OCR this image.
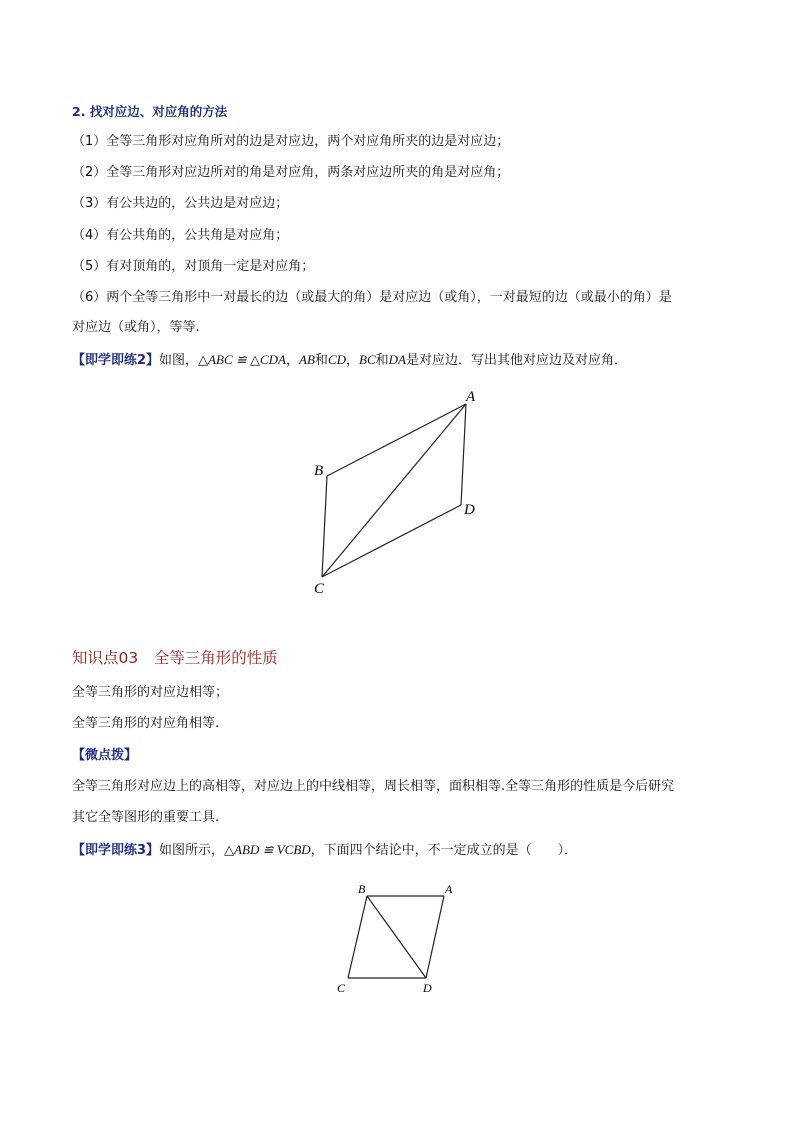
2. 找对应边、对应角的方法
（1）全等三角形对应角所对的边是对应边，两个对应角所夹的边是对应边；
（2）全等三角形对应边所对的角是对应角，两条对应边所夹的角是对应角；
（3）有公共边的，公共边是对应边；
（4）有公共角的，公共角是对应角；
（5）有对顶角的，对顶角一定是对应角；
（6）两个全等三角形中一对最长的边（或最大的角）是对应边（或角），一对最短的边（或最小的角）是
对应边（或角），等等.
【即学即练2】如图，△ABC ≌ △CDA，AB和CD，BC和DA是对应边．写出其他对应边及对应角．
A
B
C
D
知识点03　全等三角形的性质
全等三角形的对应边相等；
全等三角形的对应角相等.
【微点拨】
全等三角形对应边上的高相等，对应边上的中线相等，周长相等，面积相等.全等三角形的性质是今后研究
其它全等图形的重要工具.
【即学即练3】如图所示，△ABD ≌ VCBD，下面四个结论中，不一定成立的是（　　）．
B	A
C	D
